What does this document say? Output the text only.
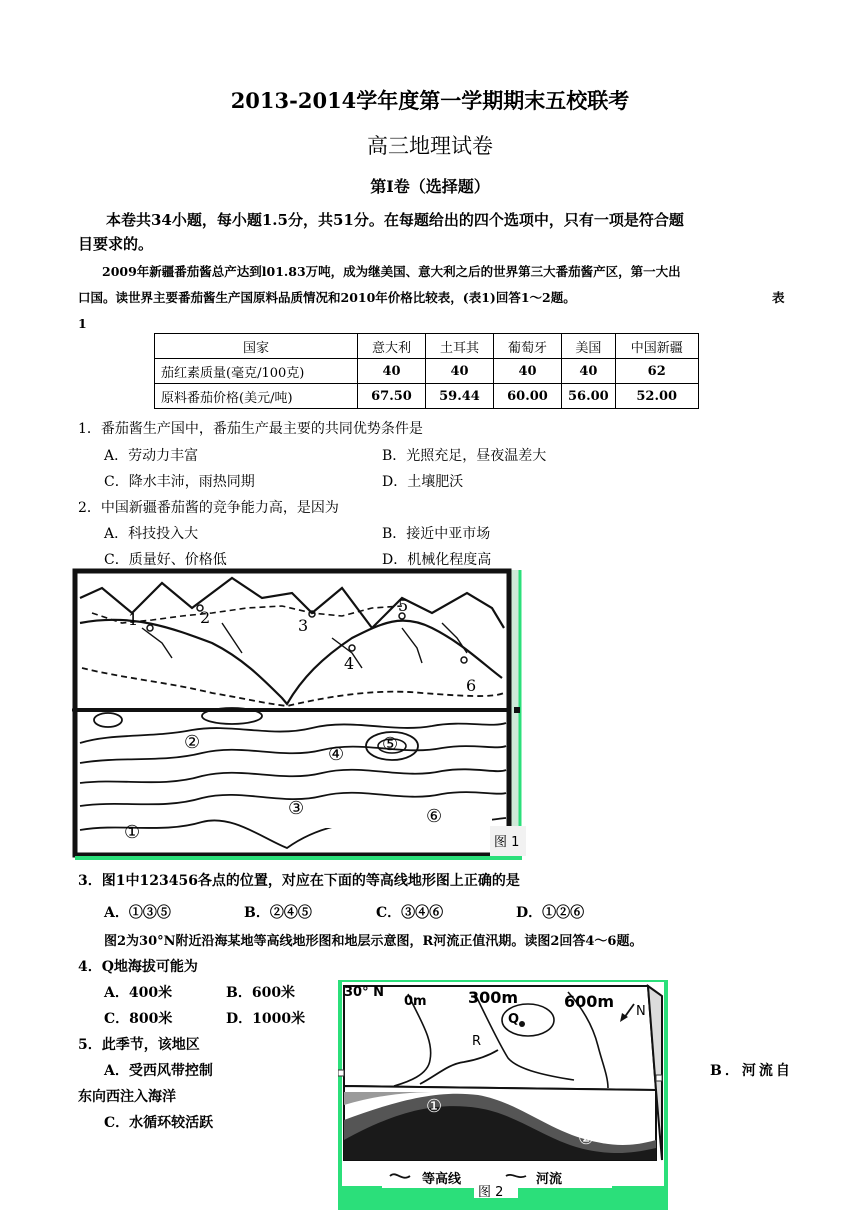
2013-2014学年度第一学期期末五校联考
高三地理试卷
第Ⅰ卷（选择题）
本卷共34小题，每小题1.5分，共51分。在每题给出的四个选项中，只有一项是符合题
目要求的。
2009年新疆番茄酱总产达到l01.83万吨，成为继美国、意大利之后的世界第三大番茄酱产区，第一大出
口国。读世界主要番茄酱生产国原料品质情况和2010年价格比较表，(表1)回答1～2题。	表
1
国家	意大利	土耳其	葡萄牙	美国	中国新疆
茄红素质量(毫克/100克)	40	40	40	40	62
原料番茄价格(美元/吨)	67.50	59.44	60.00	56.00	52.00
1．番茄酱生产国中，番茄生产最主要的共同优势条件是
A．劳动力丰富	B．光照充足，昼夜温差大
C．降水丰沛，雨热同期	D．土壤肥沃
2．中国新疆番茄酱的竞争能力高，是因为
A．科技投入大	B．接近中亚市场
C．质量好、价格低	D．机械化程度高
1	2	3
4
5
6
①
②
③
④ ⑤
⑥
图 1
3．图1中123456各点的位置，对应在下面的等高线地形图上正确的是
A．①③⑤	B．②④⑤	C．③④⑥	D．①②⑥
图2为30°N附近沿海某地等高线地形图和地层示意图，R河流正值汛期。读图2回答4～6题。
4．Q地海拔可能为
A．400米	B．600米
C．800米	D．1000米
5．此季节，该地区
A．受西风带控制	B．河流自
东向西注入海洋
C．水循环较活跃
30° N
0m	300m	600m
Q
R
N
①
②
等高线	河流
图 2
